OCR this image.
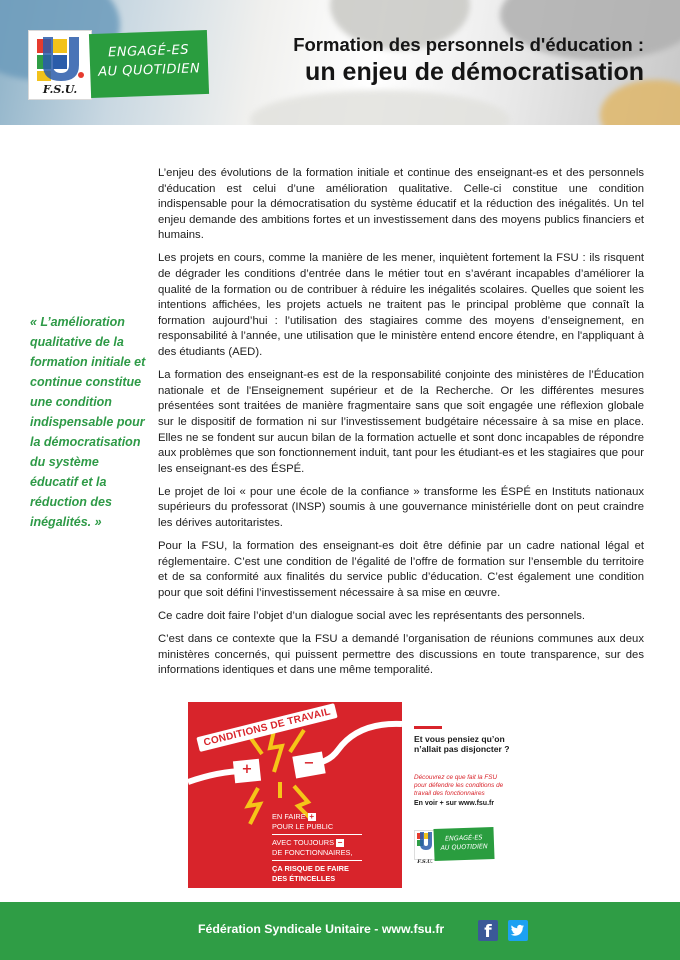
F.S.U.
ENGAGÉ-ES
AU QUOTIDIEN
Formation des personnels d'éducation :
un enjeu de démocratisation
« L’amélioration qualitative de la formation initiale et continue constitue une condition indispensable pour la démocratisation du système éducatif et la réduction des inégalités. »

L’enjeu des évolutions de la formation initiale et continue des enseignant-es et des personnels d'éducation est celui d’une amélioration qualitative. Celle-ci constitue une condition indispensable pour la démocratisation du système éducatif et la réduction des inégalités. Un tel enjeu demande des ambitions fortes et un investissement dans des moyens publics financiers et humains.

Les projets en cours, comme la manière de les mener, inquiètent fortement la FSU : ils risquent de dégrader les conditions d’entrée dans le métier tout en s’avérant incapables d’améliorer la qualité de la formation ou de contribuer à réduire les inégalités scolaires. Quelles que soient les intentions affichées, les projets actuels ne traitent pas le principal problème que connaît la formation aujourd’hui : l’utilisation des stagiaires comme des moyens d’enseignement, en responsabilité à l’année, une utilisation que le ministère entend encore étendre, en l'appliquant à des étudiants (AED).

La formation des enseignant-es est de la responsabilité conjointe des ministères de l’Éducation nationale et de l'Enseignement supérieur et de la Recherche. Or les différentes mesures présentées sont traitées de manière fragmentaire sans que soit engagée une réflexion globale sur le dispositif de formation ni sur l’investissement budgétaire nécessaire à sa mise en place. Elles ne se fondent sur aucun bilan de la formation actuelle et sont donc incapables de répondre aux problèmes que son fonctionnement induit, tant pour les étudiant-es et les stagiaires que pour les enseignant-es des ÉSPÉ.

Le projet de loi « pour une école de la confiance » transforme les ÉSPÉ en Instituts nationaux supérieurs du professorat (INSP) soumis à une gouvernance ministérielle dont on peut craindre les dérives autoritaristes.

Pour la FSU, la formation des enseignant-es doit être définie par un cadre national légal et réglementaire. C’est une condition de l’égalité de l’offre de formation sur l’ensemble du territoire et de sa conformité aux finalités du service public d’éducation. C’est également une condition pour que soit défini l’investissement nécessaire à sa mise en œuvre.

Ce cadre doit faire l’objet d’un dialogue social avec les représentants des personnels.

C’est dans ce contexte que la FSU a demandé l’organisation de réunions communes aux deux ministères concernés, qui puissent permettre des discussions en toute transparence, sur des informations identiques et dans une même temporalité.

CONDITIONS DE TRAVAIL
+	−
EN FAIRE +
POUR LE PUBLIC
AVEC TOUJOURS −
DE FONCTIONNAIRES,
ÇA RISQUE DE FAIRE
DES ÉTINCELLES
Et vous pensiez qu’on n’allait pas disjoncter ?
Découvrez ce que fait la FSU pour défendre les conditions de travail des fonctionnaires
En voir + sur www.fsu.fr
F.S.U.
ENGAGÉ-ES
AU QUOTIDIEN
Fédération Syndicale Unitaire - www.fsu.fr	f
